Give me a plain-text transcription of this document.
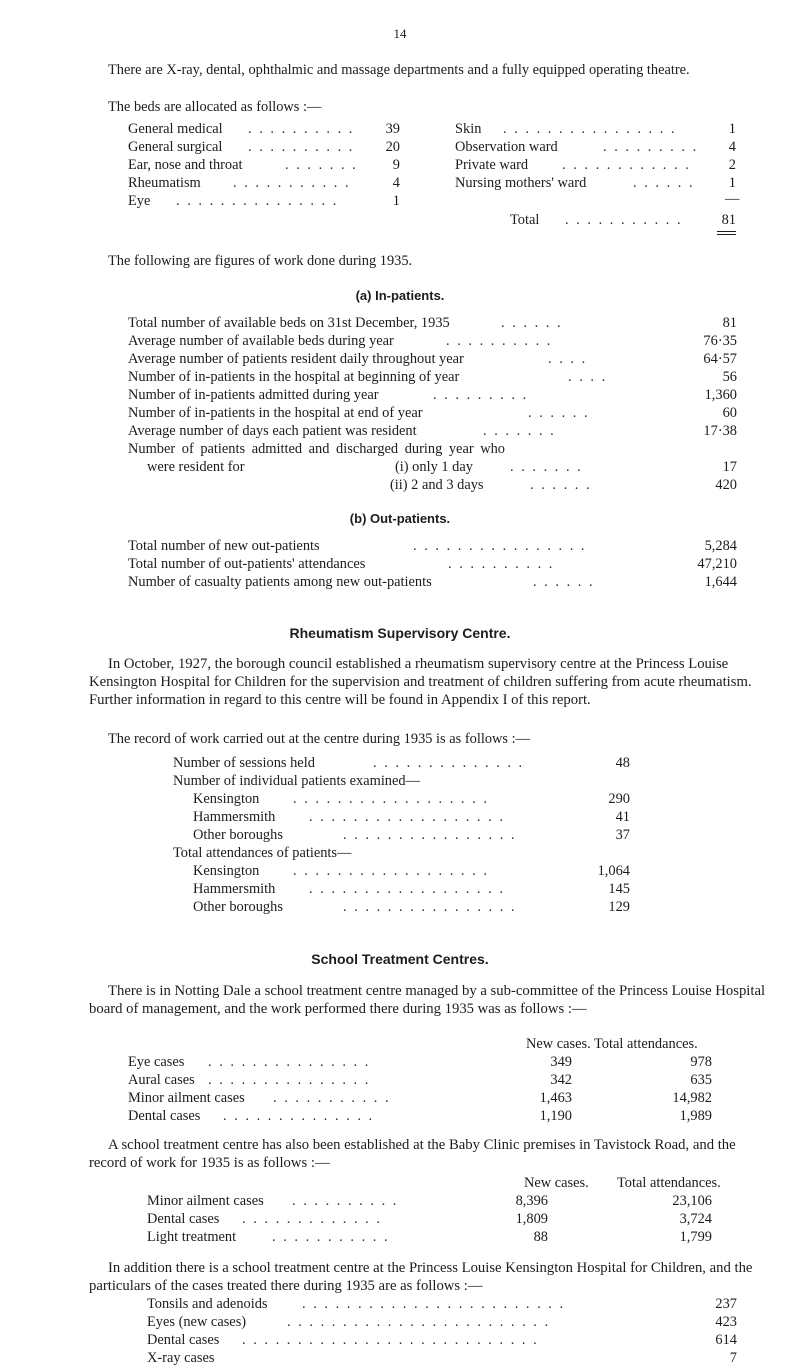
14
There are X-ray, dental, ophthalmic and massage departments and a fully equipped operating theatre.
The beds are allocated as follows :—
General medical . . . . . . . . . .	39
General surgical . . . . . . . . . .	20
Ear, nose and throat	. . . . . . .	9
Rheumatism . . . . . . . . . . .	4
Eye . . . . . . . . . . . . . . .	1
Skin . . . . . . . . . . . . . . . .	1
Observation ward	. . . . . . . . .	4
Private ward . . . . . . . . . . . .	2
Nursing mothers' ward	. . . . . .	1
—
Total . . . . . . . . . . .	81
The following are figures of work done during 1935.
(a) In-patients.
Total number of available beds on 31st December, 1935	. . . . . .	81
Average number of available beds during year	. . . . . . . . . .	76·35
Average number of patients resident daily throughout year	. . . .	64·57
Number of in-patients in the hospital at beginning of year	. . . .	56
Number of in-patients admitted during year	. . . . . . . . .	1,360
Number of in-patients in the hospital at end of year	. . . . . .	60
Average number of days each patient was resident	. . . . . . .	17·38
Number of patients admitted and discharged during year who
were resident for	(i) only 1 day	. . . . . . .	17
(ii) 2 and 3 days	. . . . . .	420
(b) Out-patients.
Total number of new out-patients	. . . . . . . . . . . . . . . .	5,284
Total number of out-patients' attendances	. . . . . . . . . .	47,210
Number of casualty patients among new out-patients	. . . . . .	1,644
Rheumatism Supervisory Centre.
In October, 1927, the borough council established a rheumatism supervisory centre at the Princess Louise Kensington Hospital for Children for the supervision and treatment of children suffering from acute rheumatism. Further information in regard to this centre will be found in Appendix I of this report.
The record of work carried out at the centre during 1935 is as follows :—
Number of sessions held	. . . . . . . . . . . . . .	48
Number of individual patients examined—
Kensington . . . . . . . . . . . . . . . . . .	290
Hammersmith . . . . . . . . . . . . . . . . . .	41
Other boroughs	. . . . . . . . . . . . . . . .	37
Total attendances of patients—
Kensington . . . . . . . . . . . . . . . . . .	1,064
Hammersmith . . . . . . . . . . . . . . . . . .	145
Other boroughs	. . . . . . . . . . . . . . . .	129
School Treatment Centres.
There is in Notting Dale a school treatment centre managed by a sub-committee of the Princess Louise Hospital board of management, and the work performed there during 1935 was as follows :—
New cases. Total attendances.
Eye cases . . . . . . . . . . . . . . .	349	978
Aural cases . . . . . . . . . . . . . . .	342	635
Minor ailment cases . . . . . . . . . . .	1,463	14,982
Dental cases . . . . . . . . . . . . . .	1,190	1,989
A school treatment centre has also been established at the Baby Clinic premises in Tavistock Road, and the record of work for 1935 is as follows :—
New cases. Total attendances.
Minor ailment cases . . . . . . . . . .	8,396	23,106
Dental cases . . . . . . . . . . . . .	1,809	3,724
Light treatment . . . . . . . . . . .	88	1,799
In addition there is a school treatment centre at the Princess Louise Kensington Hospital for Children, and the particulars of the cases treated there during 1935 are as follows :—
Tonsils and adenoids . . . . . . . . . . . . . . . . . . . . . . . .	237
Eyes (new cases)	. . . . . . . . . . . . . . . . . . . . . . . .	423
Dental cases . . . . . . . . . . . . . . . . . . . . . . . . . . .	614
X-ray cases	7
